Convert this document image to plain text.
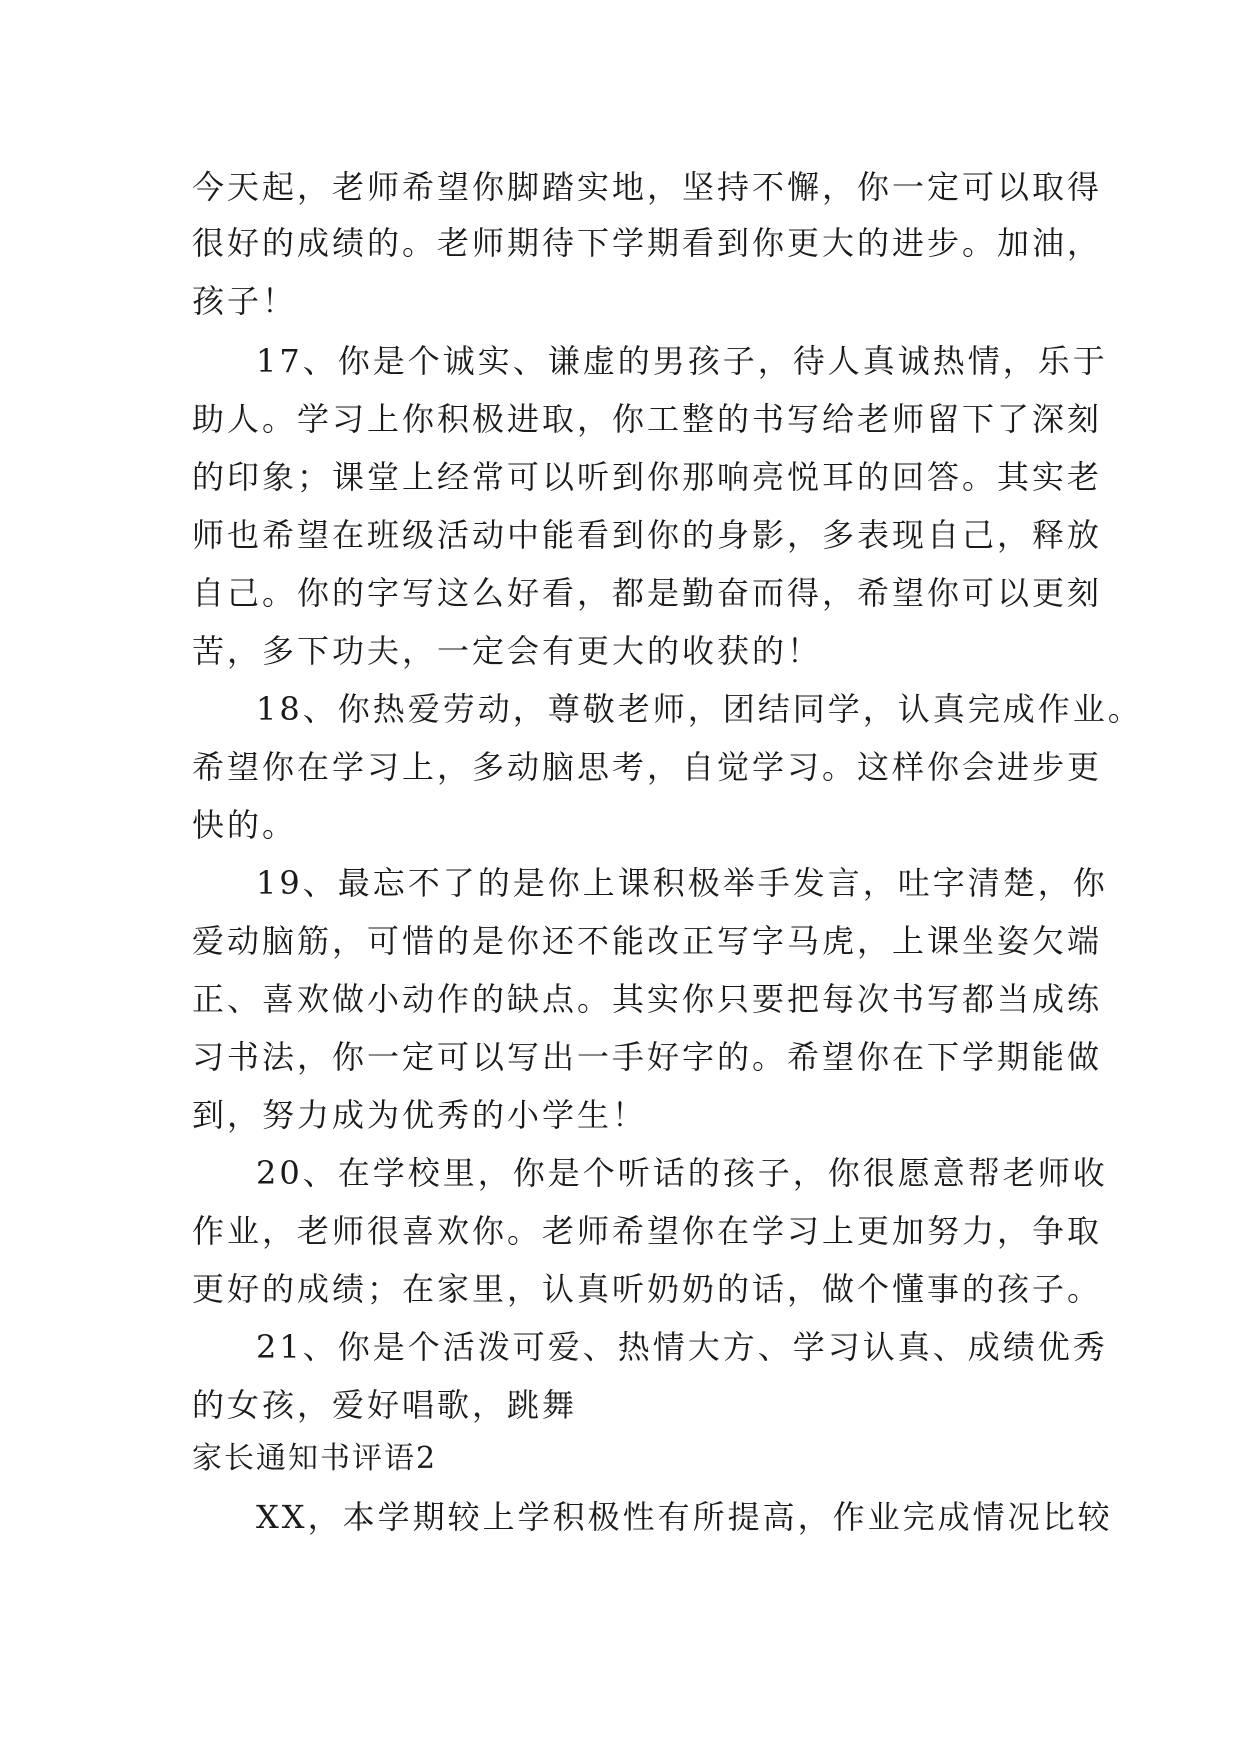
今天起，老师希望你脚踏实地，坚持不懈，你一定可以取得
很好的成绩的。老师期待下学期看到你更大的进步。加油，
孩子！
17、你是个诚实、谦虚的男孩子，待人真诚热情，乐于
助人。学习上你积极进取，你工整的书写给老师留下了深刻
的印象；课堂上经常可以听到你那响亮悦耳的回答。其实老
师也希望在班级活动中能看到你的身影，多表现自己，释放
自己。你的字写这么好看，都是勤奋而得，希望你可以更刻
苦，多下功夫，一定会有更大的收获的！
18、你热爱劳动，尊敬老师，团结同学，认真完成作业。
希望你在学习上，多动脑思考，自觉学习。这样你会进步更
快的。
19、最忘不了的是你上课积极举手发言，吐字清楚，你
爱动脑筋，可惜的是你还不能改正写字马虎，上课坐姿欠端
正、喜欢做小动作的缺点。其实你只要把每次书写都当成练
习书法，你一定可以写出一手好字的。希望你在下学期能做
到，努力成为优秀的小学生！
20、在学校里，你是个听话的孩子，你很愿意帮老师收
作业，老师很喜欢你。老师希望你在学习上更加努力，争取
更好的成绩；在家里，认真听奶奶的话，做个懂事的孩子。
21、你是个活泼可爱、热情大方、学习认真、成绩优秀
的女孩，爱好唱歌，跳舞
家长通知书评语2
XX，本学期较上学积极性有所提高，作业完成情况比较
